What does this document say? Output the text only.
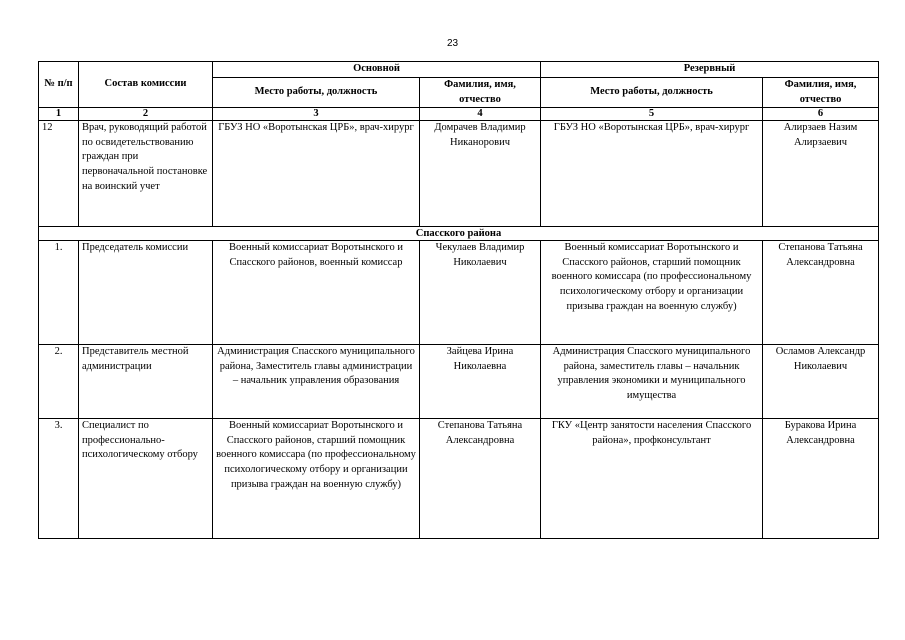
23
№ п/п	Состав комиссии	Основной		Резервный	
		Место работы, должность	Фамилия, имя, отчество	Место работы, должность	Фамилия, имя, отчество
1	2	3	4	5	6
12	Врач, руководящий работой по освидетельствованию граждан при первоначальной постановке на воинский учет	ГБУЗ НО «Воротынская ЦРБ», врач-хирург	Домрачев Владимир Никанорович	ГБУЗ НО «Воротынская ЦРБ», врач-хирург	Алирзаев Назим Алирзаевич
Спасского района					
1.	Председатель комиссии	Военный комиссариат Воротынского и Спасского районов, военный комиссар	Чекулаев Владимир Николаевич	Военный комиссариат Воротынского и Спасского районов, старший помощник военного комиссара (по профессиональному психологическому отбору и организации призыва граждан на военную службу)	Степанова Татьяна Александровна
2.	Представитель местной администрации	Администрация Спасского муниципального района, Заместитель главы администрации – начальник управления образования	Зайцева Ирина Николаевна	Администрация Спасского муниципального района, заместитель главы – начальник управления экономики и муниципального имущества	Осламов Александр Николаевич
3.	Специалист по профессионально-психологическому отбору	Военный комиссариат Воротынского и Спасского районов, старший помощник военного комиссара (по профессиональному психологическому отбору и организации призыва граждан на военную службу)	Степанова Татьяна Александровна	ГКУ «Центр занятости населения Спасского района», профконсультант	Буракова Ирина Александровна
